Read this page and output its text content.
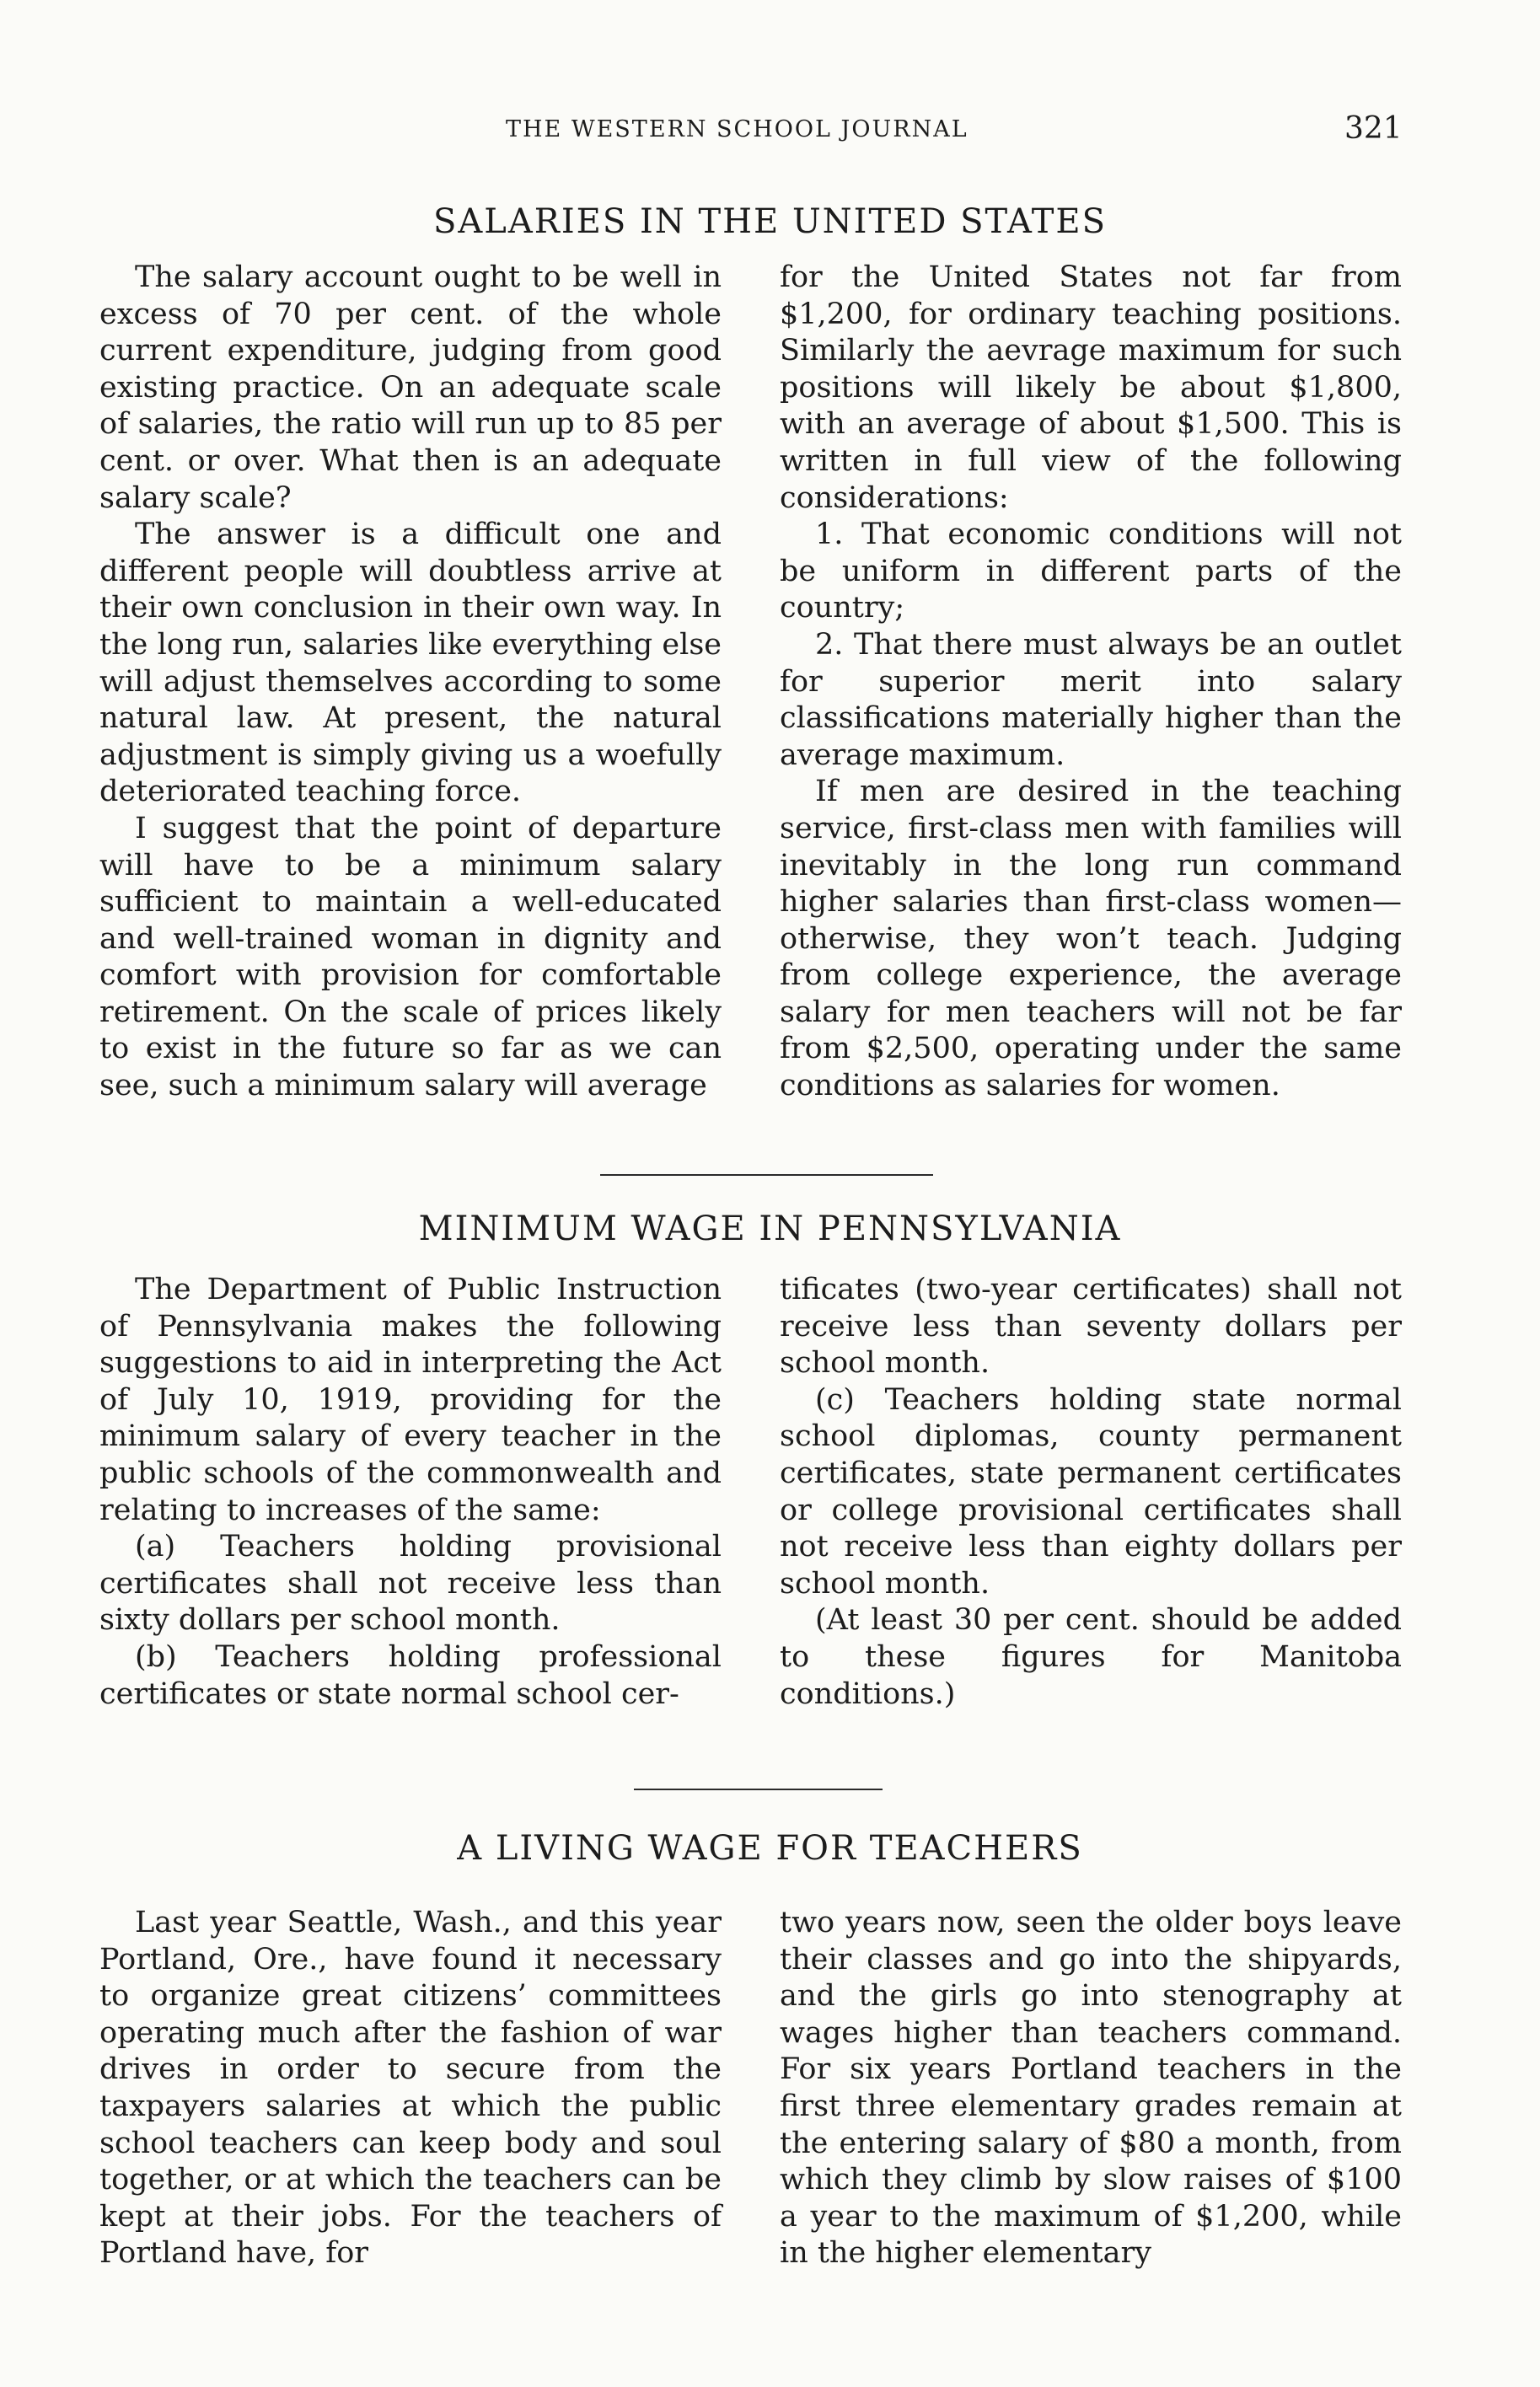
THE WESTERN SCHOOL JOURNAL	321
SALARIES IN THE UNITED STATES

The salary account ought to be well in excess of 70 per cent. of the whole current expenditure, judging from good existing practice. On an adequate scale of salaries, the ratio will run up to 85 per cent. or over. What then is an adequate salary scale?

The answer is a difficult one and different people will doubtless arrive at their own conclusion in their own way. In the long run, salaries like everything else will adjust themselves according to some natural law. At present, the natural adjustment is simply giving us a woefully deteriorated teaching force.

I suggest that the point of departure will have to be a minimum salary sufficient to maintain a well-educated and well-trained woman in dignity and comfort with provision for comfortable retirement. On the scale of prices likely to exist in the future so far as we can see, such a minimum salary will average

for the United States not far from $1,200, for ordinary teaching positions. Similarly the aevrage maximum for such positions will likely be about $1,800, with an average of about $1,500. This is written in full view of the following considerations:

1. That economic conditions will not be uniform in different parts of the country;

2. That there must always be an outlet for superior merit into salary classifications materially higher than the average maximum.

If men are desired in the teaching service, first-class men with families will inevitably in the long run command higher salaries than first-class women—otherwise, they won’t teach. Judging from college experience, the average salary for men teachers will not be far from $2,500, operating under the same conditions as salaries for women.

MINIMUM WAGE IN PENNSYLVANIA

The Department of Public Instruction of Pennsylvania makes the following suggestions to aid in interpreting the Act of July 10, 1919, providing for the minimum salary of every teacher in the public schools of the commonwealth and relating to increases of the same:

(a) Teachers holding provisional certificates shall not receive less than sixty dollars per school month.

(b) Teachers holding professional certificates or state normal school cer-

tificates (two-year certificates) shall not receive less than seventy dollars per school month.

(c) Teachers holding state normal school diplomas, county permanent certificates, state permanent certificates or college provisional certificates shall not receive less than eighty dollars per school month.

(At least 30 per cent. should be added to these figures for Manitoba conditions.)

A LIVING WAGE FOR TEACHERS

Last year Seattle, Wash., and this year Portland, Ore., have found it necessary to organize great citizens’ committees operating much after the fashion of war drives in order to secure from the taxpayers salaries at which the public school teachers can keep body and soul together, or at which the teachers can be kept at their jobs. For the teachers of Portland have, for

two years now, seen the older boys leave their classes and go into the shipyards, and the girls go into stenography at wages higher than teachers command. For six years Portland teachers in the first three elementary grades remain at the entering salary of $80 a month, from which they climb by slow raises of $100 a year to the maximum of $1,200, while in the higher elementary
